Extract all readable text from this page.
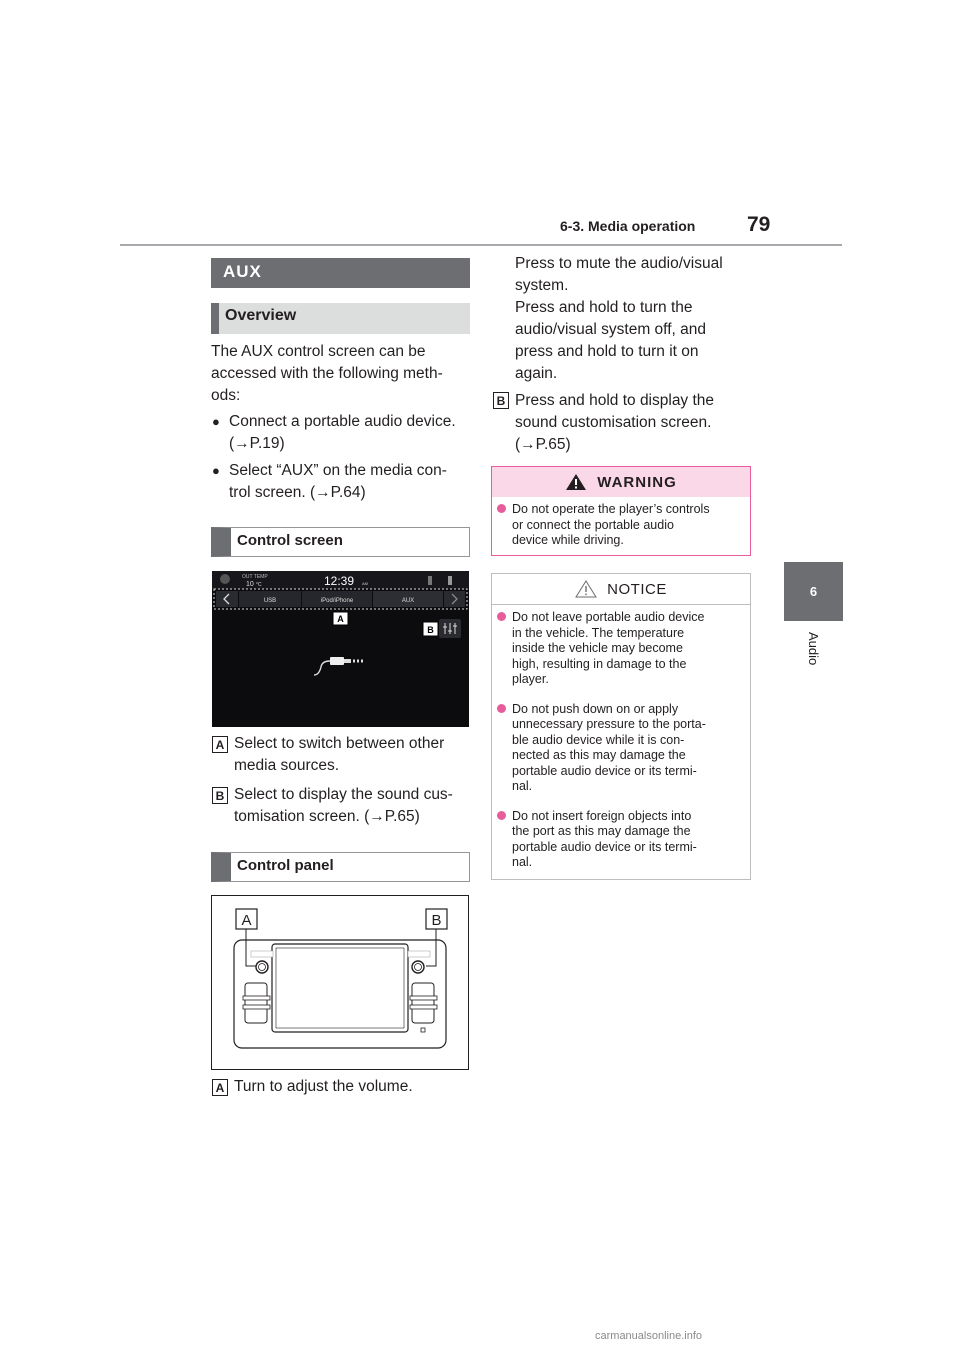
6-3. Media operation 79
6
Audio
AUX
Overview
The AUX control screen can be
accessed with the following meth-
ods:
● Connect a portable audio device.
(→P.19)
● Select “AUX” on the media con-
trol screen. (→P.64)
Control screen
OUT TEMP
10 °C	12:39 AM
USB	iPod/iPhone	AUX
A
B
A Select to switch between other
media sources.
B Select to display the sound cus-
tomisation screen. (→P.65)
Control panel
A	B
A Turn to adjust the volume.
Press to mute the audio/visual
system.
Press and hold to turn the
audio/visual system off, and
press and hold to turn it on
again.
B Press and hold to display the
sound customisation screen.
(→P.65)
WARNING
Do not operate the player’s controls
or connect the portable audio
device while driving.
NOTICE
Do not leave portable audio device
in the vehicle. The temperature
inside the vehicle may become
high, resulting in damage to the
player.
Do not push down on or apply
unnecessary pressure to the porta-
ble audio device while it is con-
nected as this may damage the
portable audio device or its termi-
nal.
Do not insert foreign objects into
the port as this may damage the
portable audio device or its termi-
nal.
carmanualsonline.info
